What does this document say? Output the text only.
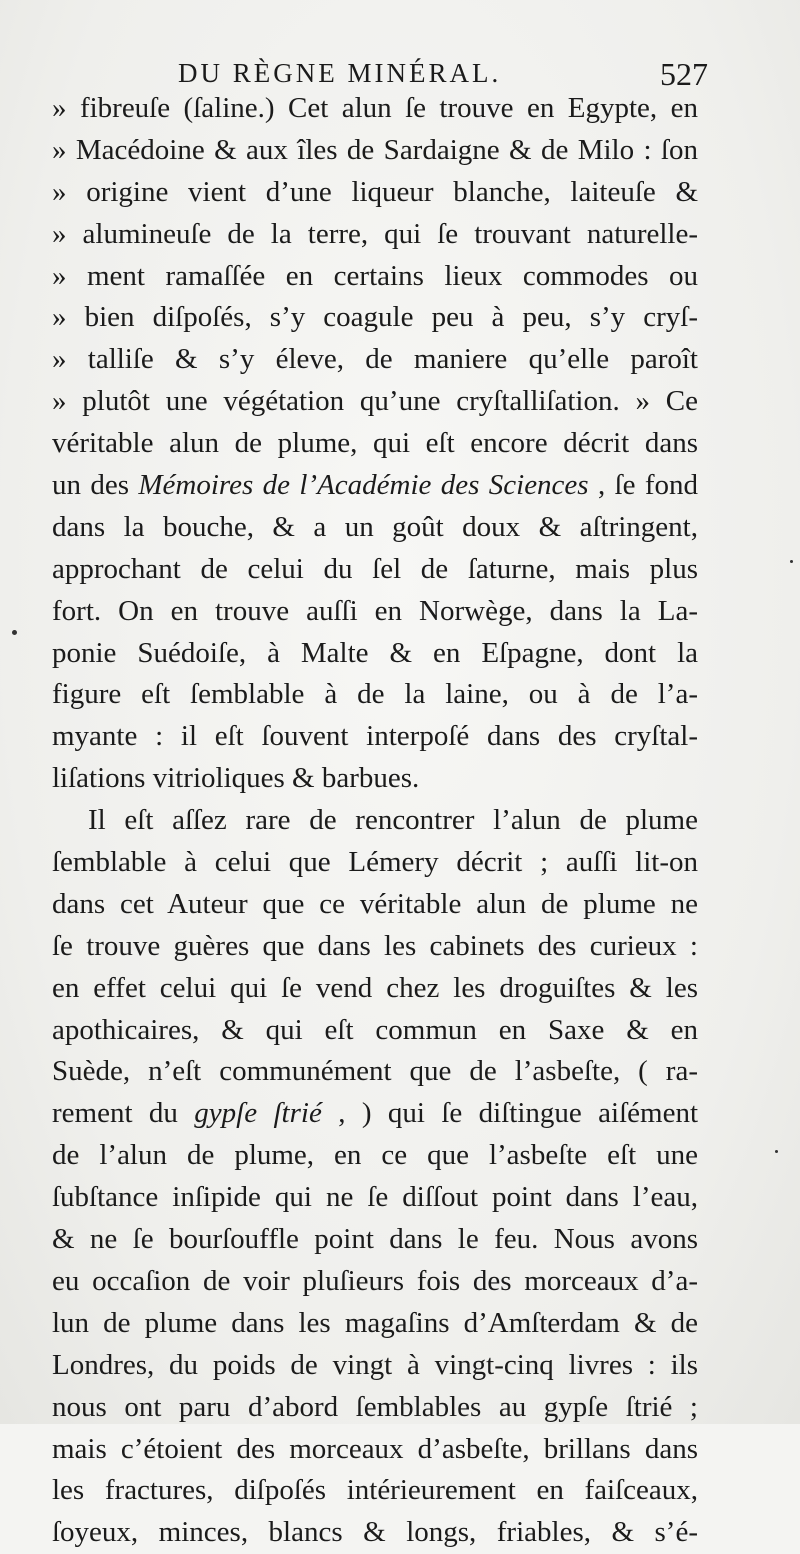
DU RÈGNE MINÉRAL.	527
» fibreuſe (ſaline.) Cet alun ſe trouve en Egypte, en
» Macédoine & aux îles de Sardaigne & de Milo : ſon
» origine vient d’une liqueur blanche, laiteuſe &
» alumineuſe de la terre, qui ſe trouvant naturelle-
» ment ramaſſée en certains lieux commodes ou
» bien diſpoſés, s’y coagule peu à peu, s’y cryſ-
» talliſe & s’y éleve, de maniere qu’elle paroît
» plutôt une végétation qu’une cryſtalliſation. » Ce
véritable alun de plume, qui eſt encore décrit dans
un des Mémoires de l’Académie des Sciences , ſe fond
dans la bouche, & a un goût doux & aſtringent,
approchant de celui du ſel de ſaturne, mais plus
fort. On en trouve auſſi en Norwège, dans la La-
ponie Suédoiſe, à Malte & en Eſpagne, dont la
figure eſt ſemblable à de la laine, ou à de l’a-
myante : il eſt ſouvent interpoſé dans des cryſtal-
liſations vitrioliques & barbues.
Il eſt aſſez rare de rencontrer l’alun de plume
ſemblable à celui que Lémery décrit ; auſſi lit-on
dans cet Auteur que ce véritable alun de plume ne
ſe trouve guères que dans les cabinets des curieux :
en effet celui qui ſe vend chez les droguiſtes & les
apothicaires, & qui eſt commun en Saxe & en
Suède, n’eſt communément que de l’asbeſte, ( ra-
rement du gypſe ſtrié , ) qui ſe diſtingue aiſément
de l’alun de plume, en ce que l’asbeſte eſt une
ſubſtance inſipide qui ne ſe diſſout point dans l’eau,
& ne ſe bourſouffle point dans le feu. Nous avons
eu occaſion de voir pluſieurs fois des morceaux d’a-
lun de plume dans les magaſins d’Amſterdam & de
Londres, du poids de vingt à vingt-cinq livres : ils
nous ont paru d’abord ſemblables au gypſe ſtrié ;
mais c’étoient des morceaux d’asbeſte, brillans dans
les fractures, diſpoſés intérieurement en faiſceaux,
ſoyeux, minces, blancs & longs, friables, & s’é-
